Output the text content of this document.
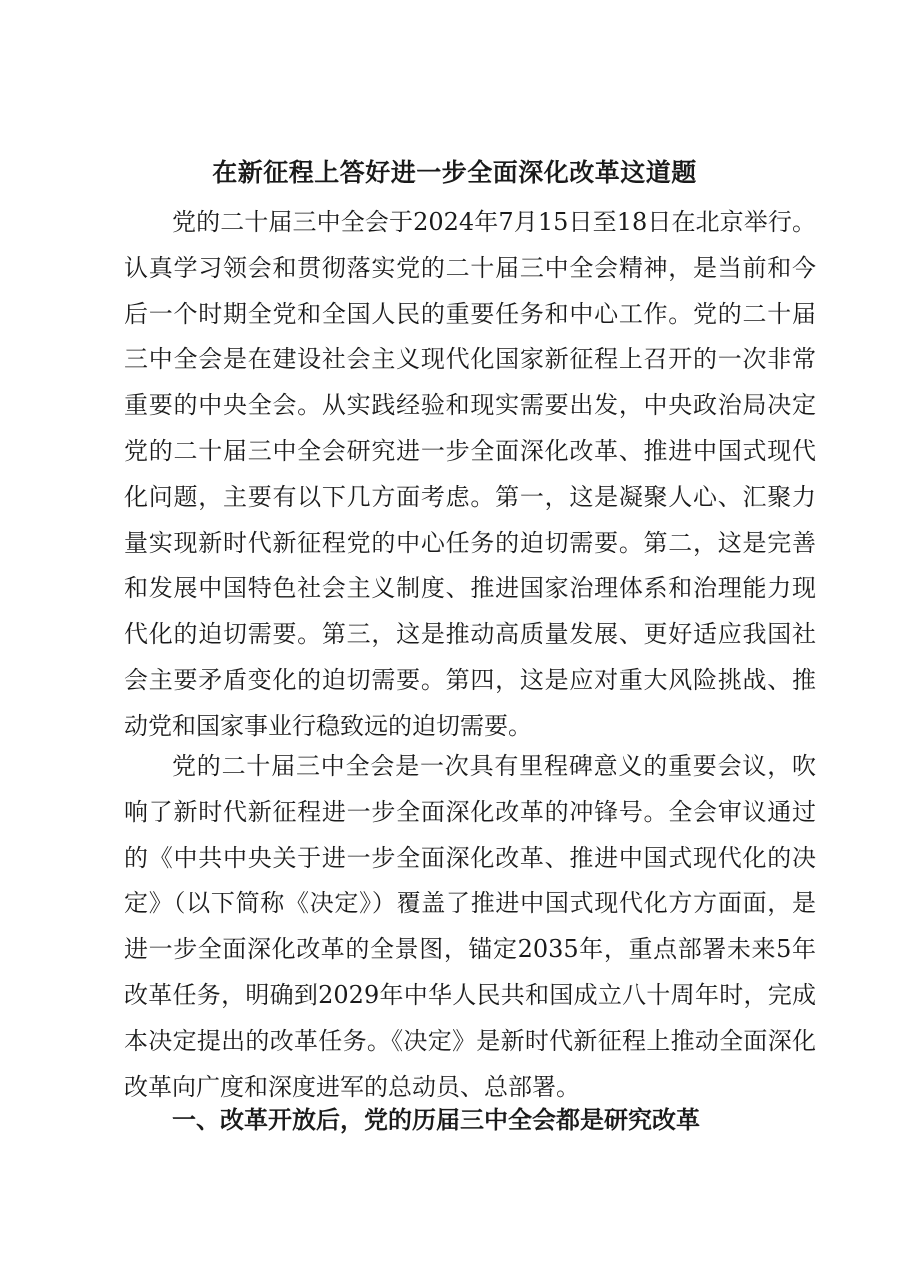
在新征程上答好进一步全面深化改革这道题

党的二十届三中全会于2024年7月15日至18日在北京举行。认真学习领会和贯彻落实党的二十届三中全会精神，是当前和今后一个时期全党和全国人民的重要任务和中心工作。党的二十届三中全会是在建设社会主义现代化国家新征程上召开的一次非常重要的中央全会。从实践经验和现实需要出发，中央政治局决定党的二十届三中全会研究进一步全面深化改革、推进中国式现代化问题，主要有以下几方面考虑。第一，这是凝聚人心、汇聚力量实现新时代新征程党的中心任务的迫切需要。第二，这是完善和发展中国特色社会主义制度、推进国家治理体系和治理能力现代化的迫切需要。第三，这是推动高质量发展、更好适应我国社会主要矛盾变化的迫切需要。第四，这是应对重大风险挑战、推动党和国家事业行稳致远的迫切需要。

党的二十届三中全会是一次具有里程碑意义的重要会议，吹响了新时代新征程进一步全面深化改革的冲锋号。全会审议通过的《中共中央关于进一步全面深化改革、推进中国式现代化的决定》（以下简称《决定》）覆盖了推进中国式现代化方方面面，是进一步全面深化改革的全景图，锚定2035年，重点部署未来5年改革任务，明确到2029年中华人民共和国成立八十周年时，完成本决定提出的改革任务。《决定》是新时代新征程上推动全面深化改革向广度和深度进军的总动员、总部署。

一、改革开放后，党的历届三中全会都是研究改革
